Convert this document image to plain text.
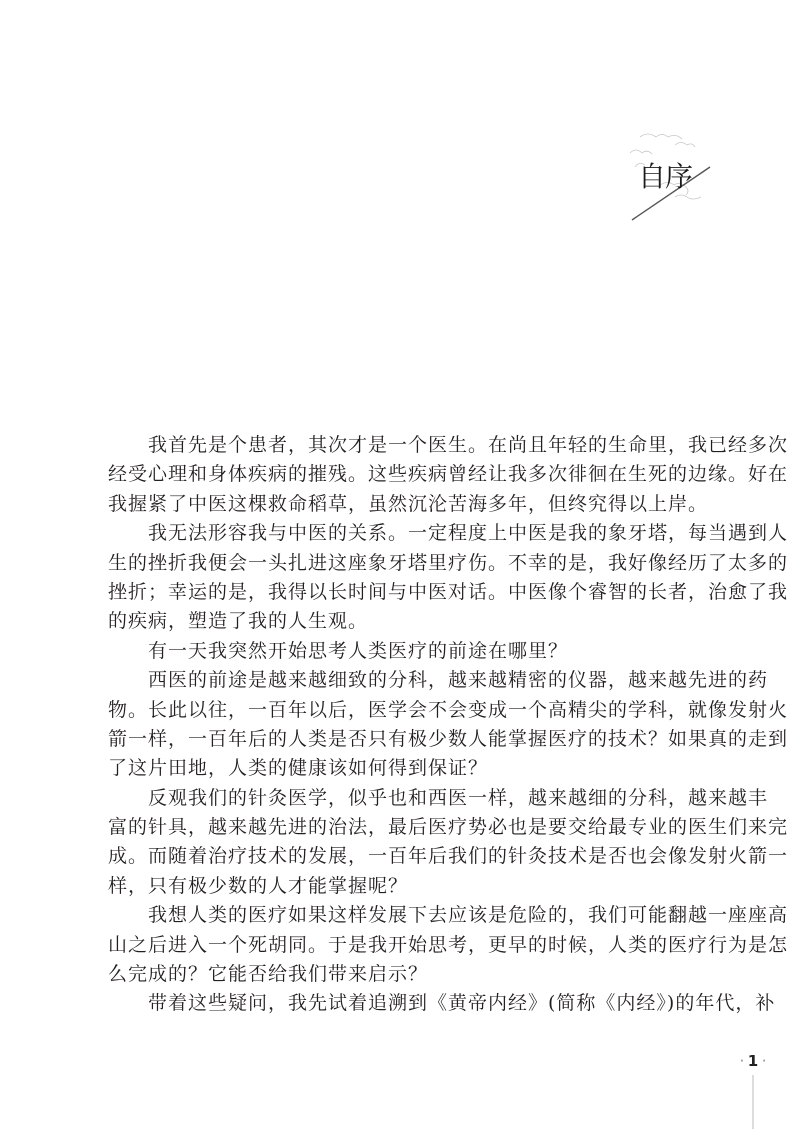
自序
我首先是个患者，其次才是一个医生。在尚且年轻的生命里，我已经多次
经受心理和身体疾病的摧残。这些疾病曾经让我多次徘徊在生死的边缘。好在
我握紧了中医这棵救命稻草，虽然沉沦苦海多年，但终究得以上岸。
我无法形容我与中医的关系。一定程度上中医是我的象牙塔，每当遇到人
生的挫折我便会一头扎进这座象牙塔里疗伤。不幸的是，我好像经历了太多的
挫折；幸运的是，我得以长时间与中医对话。中医像个睿智的长者，治愈了我
的疾病，塑造了我的人生观。
有一天我突然开始思考人类医疗的前途在哪里？
西医的前途是越来越细致的分科，越来越精密的仪器，越来越先进的药
物。长此以往，一百年以后，医学会不会变成一个高精尖的学科，就像发射火
箭一样，一百年后的人类是否只有极少数人能掌握医疗的技术？如果真的走到
了这片田地，人类的健康该如何得到保证？
反观我们的针灸医学，似乎也和西医一样，越来越细的分科，越来越丰
富的针具，越来越先进的治法，最后医疗势必也是要交给最专业的医生们来完
成。而随着治疗技术的发展，一百年后我们的针灸技术是否也会像发射火箭一
样，只有极少数的人才能掌握呢？
我想人类的医疗如果这样发展下去应该是危险的，我们可能翻越一座座高
山之后进入一个死胡同。于是我开始思考，更早的时候，人类的医疗行为是怎
么完成的？它能否给我们带来启示？
带着这些疑问，我先试着追溯到《黄帝内经》(简称《内经》)的年代，补
· 1 ·
